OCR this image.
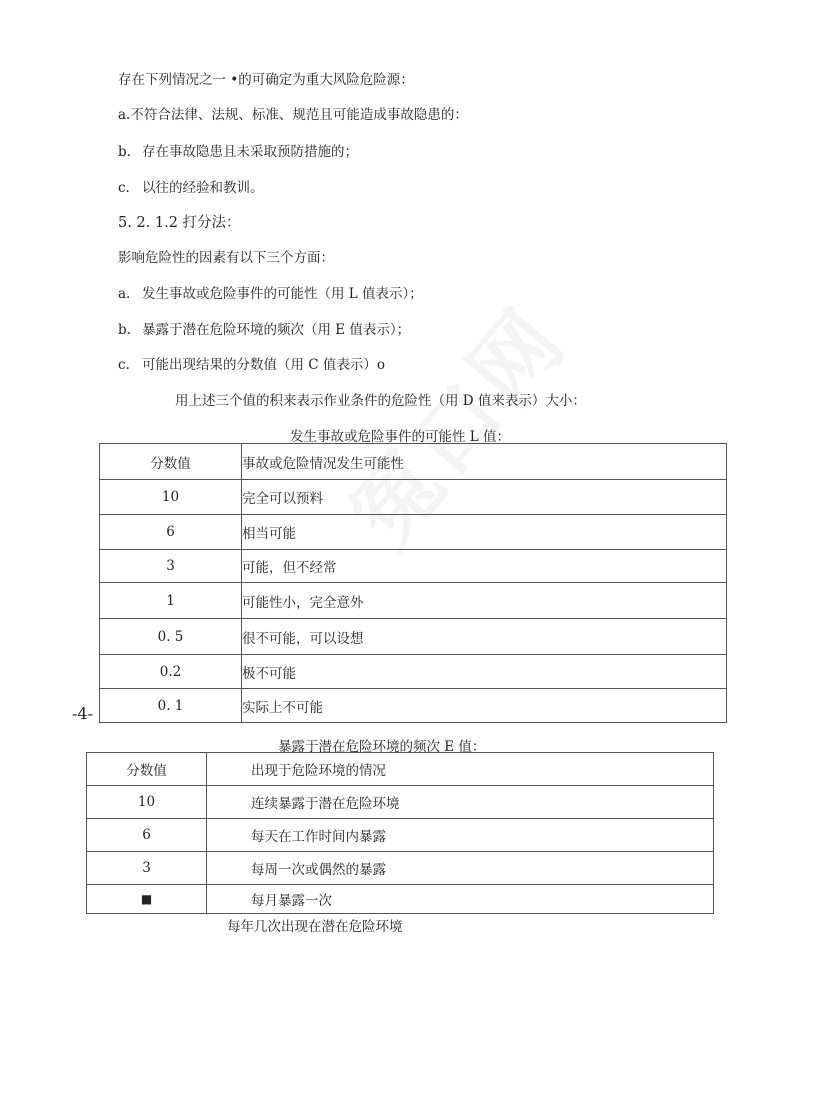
存在下列情况之一 •的可确定为重大风险危险源：
a.不符合法律、法规、标准、规范且可能造成事故隐患的：
b. 存在事故隐患且未采取预防措施的；
c. 以往的经验和教训。
5. 2. 1.2 打分法：
影响危险性的因素有以下三个方面：
a. 发生事故或危险事件的可能性（用 L 值表示）；
b. 暴露于潜在危险环境的频次（用 E 值表示）；
c. 可能出现结果的分数值（用 C 值表示）o
用上述三个值的积来表示作业条件的危险性（用 D 值来表示）大小：
发生事故或危险事件的可能性 L 值：
分数值	事故或危险情况发生可能性
10	完全可以预料
6	相当可能
3	可能，但不经常
1	可能性小，完全意外
0. 5	很不可能，可以设想
0.2	极不可能
0. 1	实际上不可能
-4-
暴露于潜在危险环境的频次 E 值：
分数值	出现于危险环境的情况
10	连续暴露于潜在危险环境
6	每天在工作时间内暴露
3	每周一次或偶然的暴露
■	每月暴露一次
每年几次出现在潜在危险环境
